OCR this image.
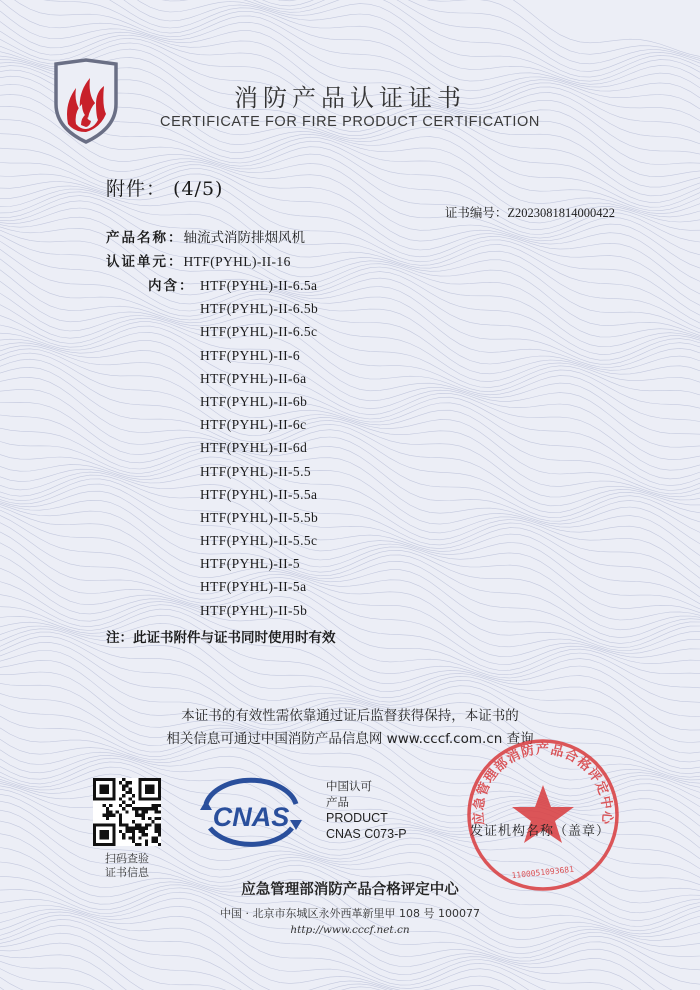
消防产品认证证书
CERTIFICATE FOR FIRE PRODUCT CERTIFICATION
附件： (4/5)
证书编号：Z2023081814000422
产品名称：轴流式消防排烟风机
认证单元：HTF(PYHL)-II-16
内含： HTF(PYHL)-II-6.5a
HTF(PYHL)-II-6.5b
HTF(PYHL)-II-6.5c
HTF(PYHL)-II-6
HTF(PYHL)-II-6a
HTF(PYHL)-II-6b
HTF(PYHL)-II-6c
HTF(PYHL)-II-6d
HTF(PYHL)-II-5.5
HTF(PYHL)-II-5.5a
HTF(PYHL)-II-5.5b
HTF(PYHL)-II-5.5c
HTF(PYHL)-II-5
HTF(PYHL)-II-5a
HTF(PYHL)-II-5b
注：此证书附件与证书同时使用时有效
本证书的有效性需依靠通过证后监督获得保持，本证书的
相关信息可通过中国消防产品信息网 www.cccf.com.cn 查询
扫码查验
证书信息
CNAS
中国认可
产品
PRODUCT
CNAS C073-P
应急管理部消防产品合格评定中心
1100051093681
发证机构名称（盖章）
应急管理部消防产品合格评定中心
中国 · 北京市东城区永外西革新里甲 108 号 100077
http://www.cccf.net.cn
